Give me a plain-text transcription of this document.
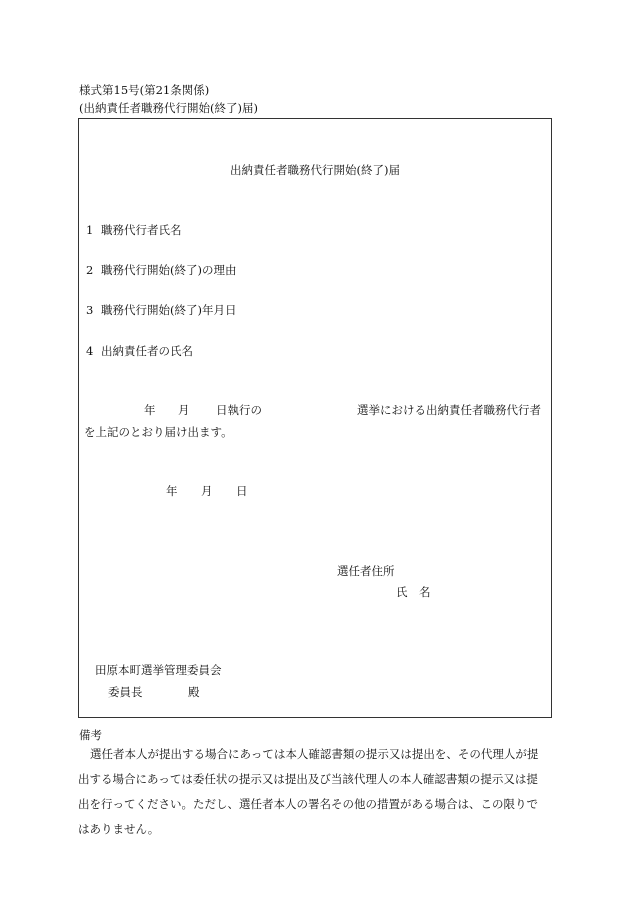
様式第15号(第21条関係)
(出納責任者職務代行開始(終了)届)
出納責任者職務代行開始(終了)届
1 職務代行者氏名
2 職務代行開始(終了)の理由
3 職務代行開始(終了)年月日
4 出納責任者の氏名
年 月 日執行の	選挙における出納責任者職務代行者
を上記のとおり届け出ます。
年 月 日
選任者住所
氏　名
田原本町選挙管理委員会
委員長	殿
備考
選任者本人が提出する場合にあっては本人確認書類の提示又は提出を、その代理人が提
出する場合にあっては委任状の提示又は提出及び当該代理人の本人確認書類の提示又は提
出を行ってください。ただし、選任者本人の署名その他の措置がある場合は、この限りで
はありません。
